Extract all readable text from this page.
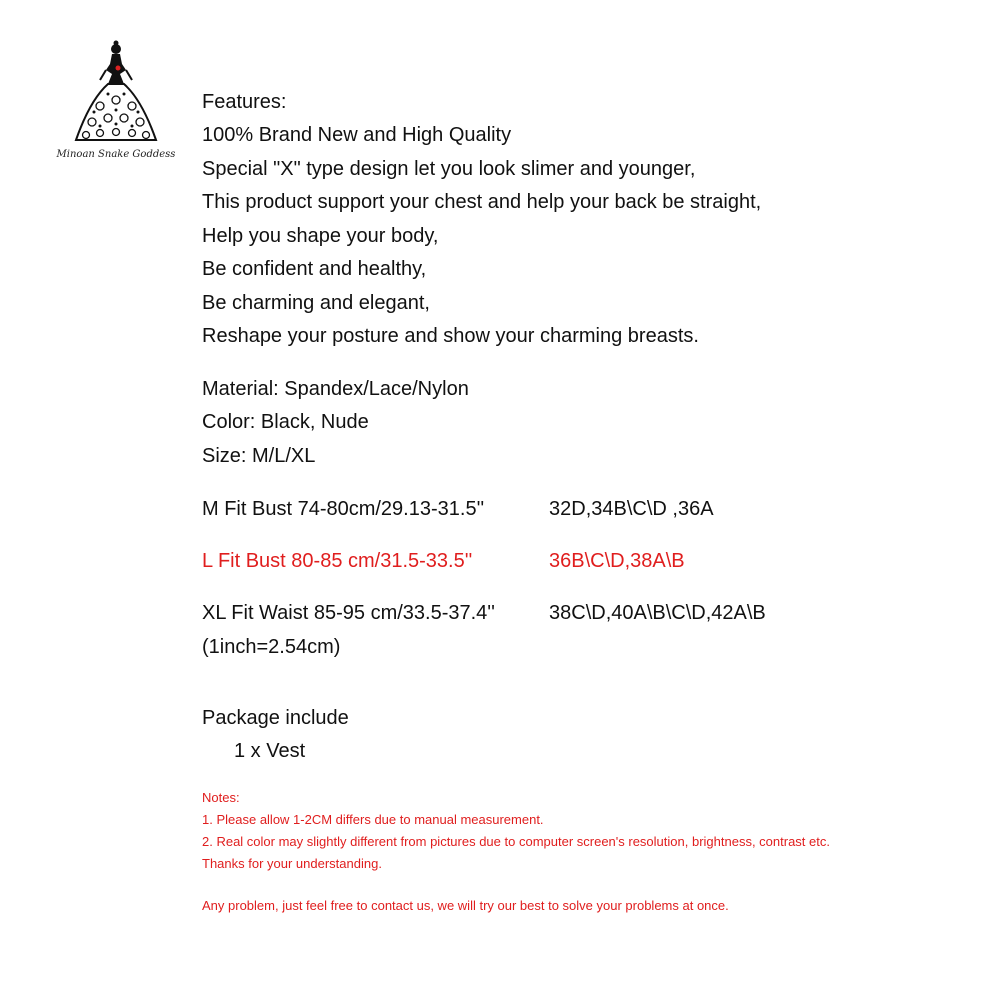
Minoan Snake Goddess
Features:
100% Brand New and High Quality
Special "X" type design let you look slimer and younger,
This product support your chest and help your back be straight,
Help you shape your body,
Be confident and healthy,
Be charming and elegant,
Reshape your posture and show your charming breasts.
Material: Spandex/Lace/Nylon
Color: Black, Nude
Size: M/L/XL
M Fit Bust 74-80cm/29.13-31.5''	32D,34B\C\D ,36A
L Fit Bust 80-85 cm/31.5-33.5''	36B\C\D,38A\B
XL Fit Waist 85-95 cm/33.5-37.4''	38C\D,40A\B\C\D,42A\B
(1inch=2.54cm)
Package include
1 x Vest
Notes:
1. Please allow 1-2CM differs due to manual measurement.
2. Real color may slightly different from pictures due to computer screen's resolution, brightness, contrast etc.
Thanks for your understanding.
Any problem, just feel free to contact us, we will try our best to solve your problems at once.
